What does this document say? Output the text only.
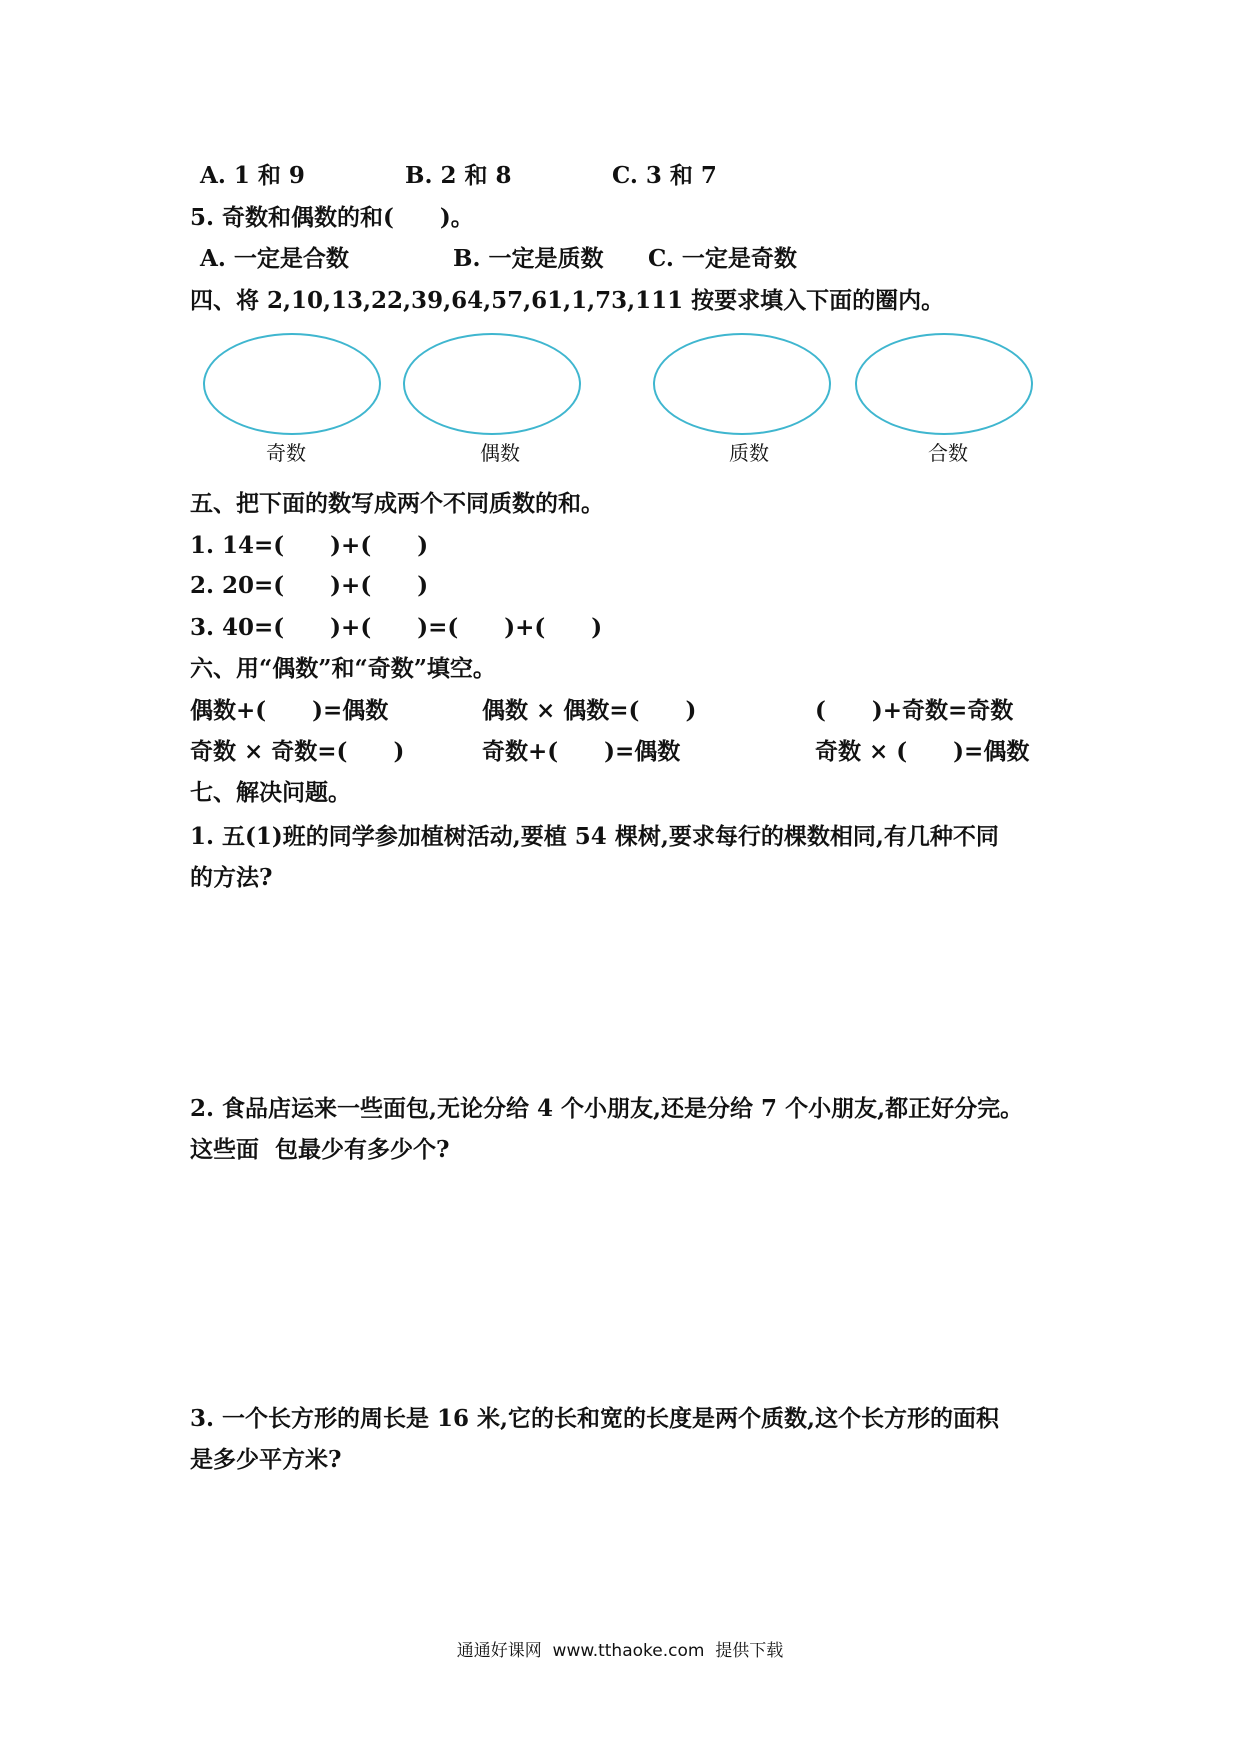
A. 1 和 9	B. 2 和 8	C. 3 和 7
5. 奇数和偶数的和(　　)。
A. 一定是合数	B. 一定是质数 C. 一定是奇数
四、将 2,10,13,22,39,64,57,61,1,73,111 按要求填入下面的圈内。
奇数	偶数	质数	合数
五、把下面的数写成两个不同质数的和。
1. 14=(　　)+(　　)
2. 20=(　　)+(　　)
3. 40=(　　)+(　　)=(　　)+(　　)
六、用“偶数”和“奇数”填空。
偶数+(　　)=偶数	偶数 × 偶数=(　　)	(　　)+奇数=奇数
奇数 × 奇数=(　　)	奇数+(　　)=偶数	奇数 × (　　)=偶数
七、解决问题。
1. 五(1)班的同学参加植树活动,要植 54 棵树,要求每行的棵数相同,有几种不同
的方法?
2. 食品店运来一些面包,无论分给 4 个小朋友,还是分给 7 个小朋友,都正好分完。
这些面  包最少有多少个?
3. 一个长方形的周长是 16 米,它的长和宽的长度是两个质数,这个长方形的面积
是多少平方米?
通通好课网  www.tthaoke.com  提供下载
